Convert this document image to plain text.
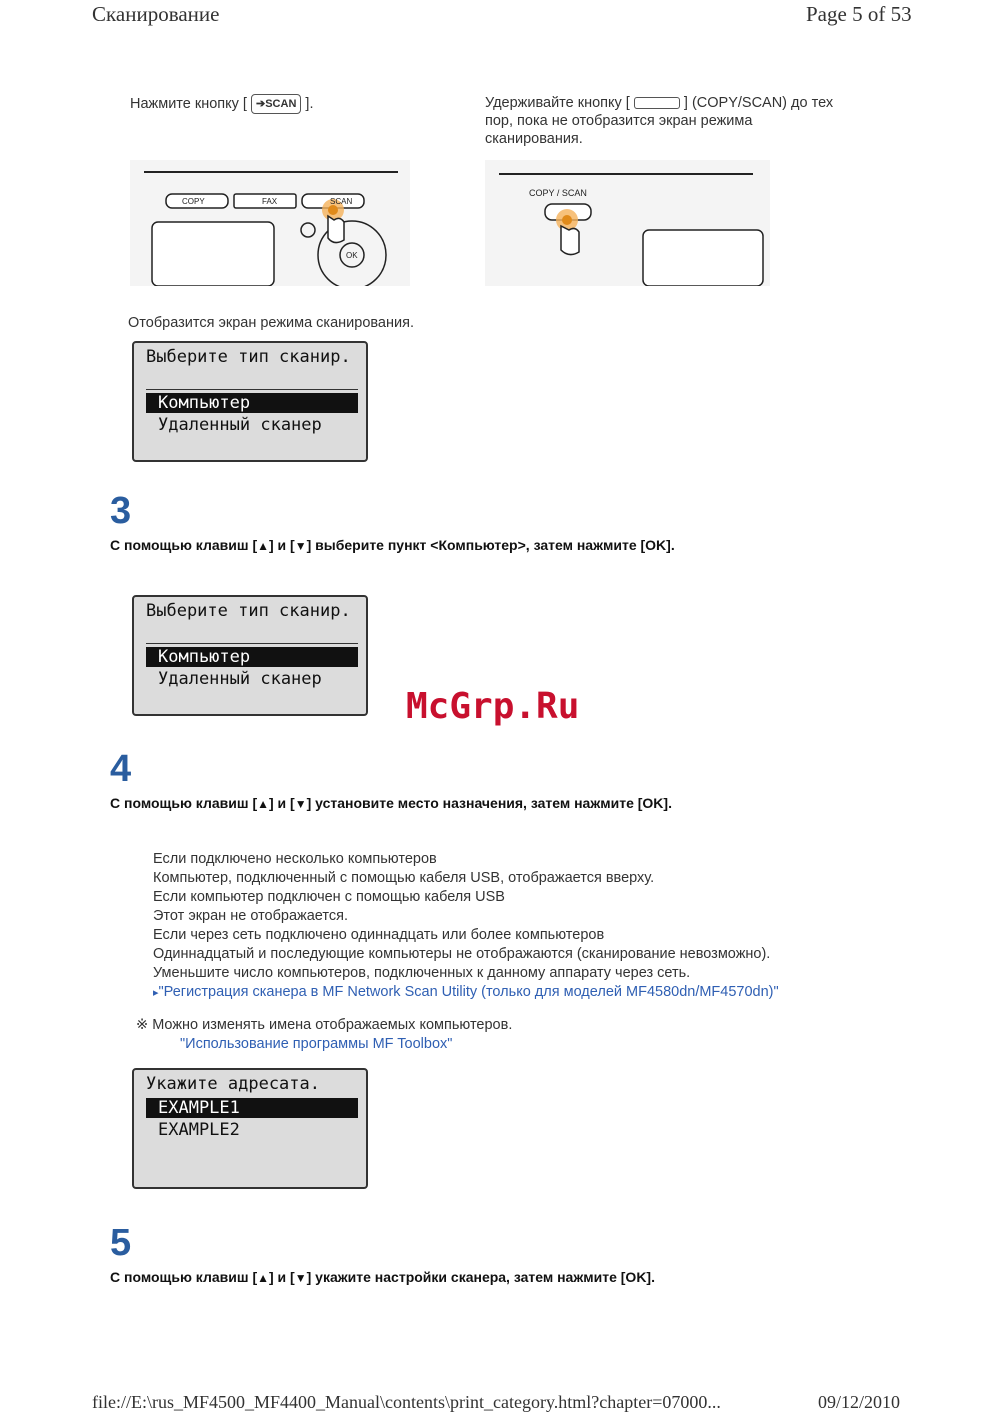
Сканирование	Page 5 of 53
Нажмите кнопку [ ➔SCAN ].	Удерживайте кнопку [	] (COPY/SCAN) до тех
пор, пока не отобразится экран режима
сканирования.
COPY	FAX	SCAN
OK
COPY / SCAN
Отобразится экран режима сканирования.
Выберите тип сканир.
Компьютер
Удаленный сканер
3
С помощью клавиш [▲] и [▼] выберите пункт <Компьютер>, затем нажмите [OK].
Выберите тип сканир.
Компьютер
Удаленный сканер
McGrp.Ru
4
С помощью клавиш [▲] и [▼] установите место назначения, затем нажмите [OK].
Если подключено несколько компьютеров
Компьютер, подключенный с помощью кабеля USB, отображается вверху.
Если компьютер подключен с помощью кабеля USB
Этот экран не отображается.
Если через сеть подключено одиннадцать или более компьютеров
Одиннадцатый и последующие компьютеры не отображаются (сканирование невозможно).
Уменьшите число компьютеров, подключенных к данному аппарату через сеть.
▸"Регистрация сканера в MF Network Scan Utility (только для моделей MF4580dn/MF4570dn)"
※ Можно изменять имена отображаемых компьютеров.
"Использование программы MF Toolbox"
Укажите адресата.
EXAMPLE1
EXAMPLE2
5
С помощью клавиш [▲] и [▼] укажите настройки сканера, затем нажмите [OK].
file://E:\rus_MF4500_MF4400_Manual\contents\print_category.html?chapter=07000...	09/12/2010
